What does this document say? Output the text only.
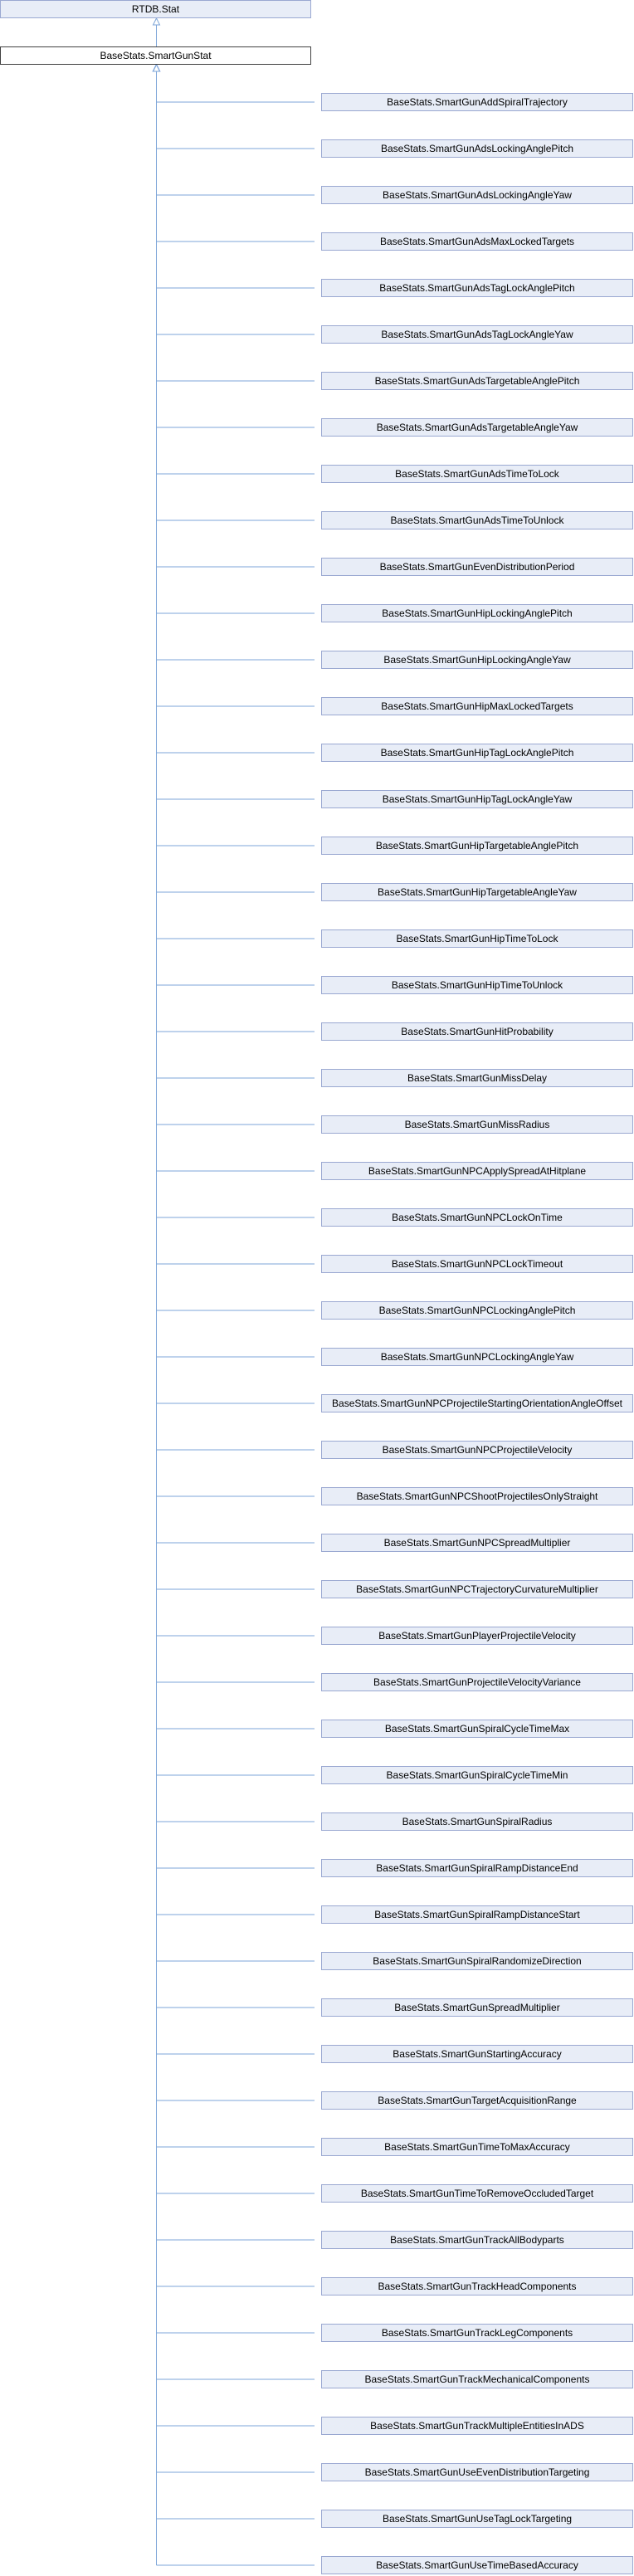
RTDB.Stat
BaseStats.SmartGunStat
BaseStats.SmartGunAddSpiralTrajectory
BaseStats.SmartGunAdsLockingAnglePitch
BaseStats.SmartGunAdsLockingAngleYaw
BaseStats.SmartGunAdsMaxLockedTargets
BaseStats.SmartGunAdsTagLockAnglePitch
BaseStats.SmartGunAdsTagLockAngleYaw
BaseStats.SmartGunAdsTargetableAnglePitch
BaseStats.SmartGunAdsTargetableAngleYaw
BaseStats.SmartGunAdsTimeToLock
BaseStats.SmartGunAdsTimeToUnlock
BaseStats.SmartGunEvenDistributionPeriod
BaseStats.SmartGunHipLockingAnglePitch
BaseStats.SmartGunHipLockingAngleYaw
BaseStats.SmartGunHipMaxLockedTargets
BaseStats.SmartGunHipTagLockAnglePitch
BaseStats.SmartGunHipTagLockAngleYaw
BaseStats.SmartGunHipTargetableAnglePitch
BaseStats.SmartGunHipTargetableAngleYaw
BaseStats.SmartGunHipTimeToLock
BaseStats.SmartGunHipTimeToUnlock
BaseStats.SmartGunHitProbability
BaseStats.SmartGunMissDelay
BaseStats.SmartGunMissRadius
BaseStats.SmartGunNPCApplySpreadAtHitplane
BaseStats.SmartGunNPCLockOnTime
BaseStats.SmartGunNPCLockTimeout
BaseStats.SmartGunNPCLockingAnglePitch
BaseStats.SmartGunNPCLockingAngleYaw
BaseStats.SmartGunNPCProjectileStartingOrientationAngleOffset
BaseStats.SmartGunNPCProjectileVelocity
BaseStats.SmartGunNPCShootProjectilesOnlyStraight
BaseStats.SmartGunNPCSpreadMultiplier
BaseStats.SmartGunNPCTrajectoryCurvatureMultiplier
BaseStats.SmartGunPlayerProjectileVelocity
BaseStats.SmartGunProjectileVelocityVariance
BaseStats.SmartGunSpiralCycleTimeMax
BaseStats.SmartGunSpiralCycleTimeMin
BaseStats.SmartGunSpiralRadius
BaseStats.SmartGunSpiralRampDistanceEnd
BaseStats.SmartGunSpiralRampDistanceStart
BaseStats.SmartGunSpiralRandomizeDirection
BaseStats.SmartGunSpreadMultiplier
BaseStats.SmartGunStartingAccuracy
BaseStats.SmartGunTargetAcquisitionRange
BaseStats.SmartGunTimeToMaxAccuracy
BaseStats.SmartGunTimeToRemoveOccludedTarget
BaseStats.SmartGunTrackAllBodyparts
BaseStats.SmartGunTrackHeadComponents
BaseStats.SmartGunTrackLegComponents
BaseStats.SmartGunTrackMechanicalComponents
BaseStats.SmartGunTrackMultipleEntitiesInADS
BaseStats.SmartGunUseEvenDistributionTargeting
BaseStats.SmartGunUseTagLockTargeting
BaseStats.SmartGunUseTimeBasedAccuracy
